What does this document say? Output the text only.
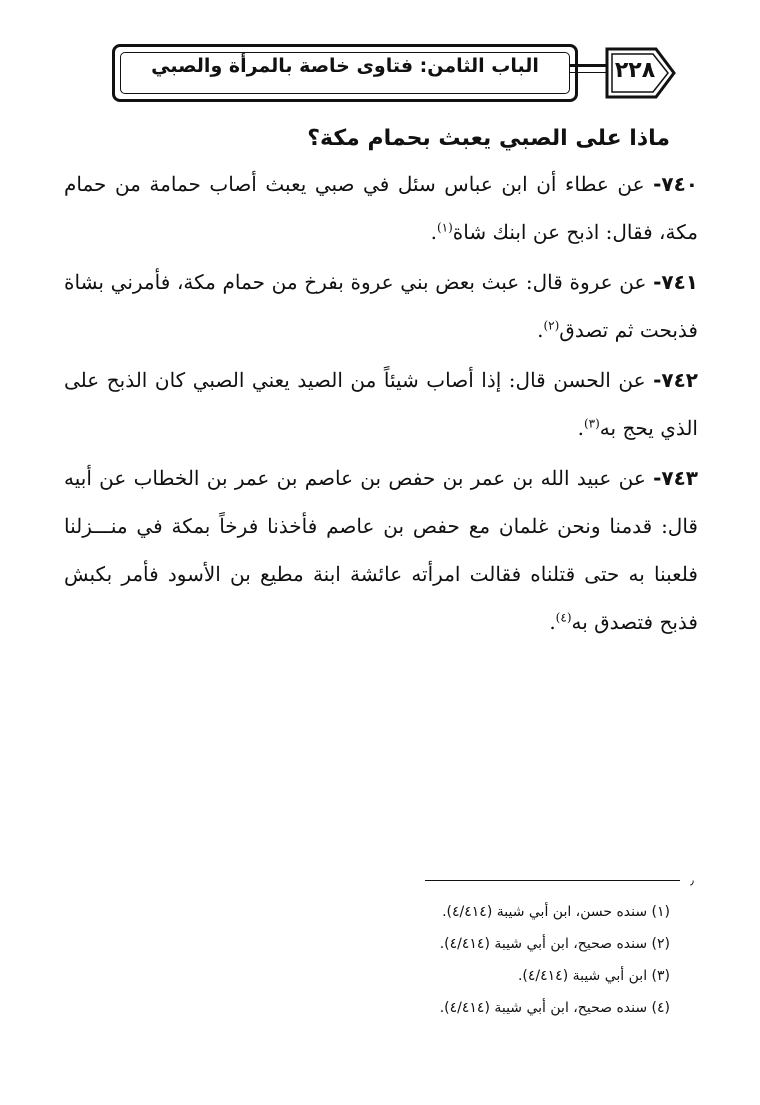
الباب الثامن: فتاوى خاصة بالمرأة والصبي	٢٢٨
ماذا على الصبي يعبث بحمام مكة؟

٧٤٠- عن عطاء أن ابن عباس سئل في صبي يعبث أصاب حمامة من حمام مكة، فقال: اذبح عن ابنك شاة$^{(١)}$.

٧٤١- عن عروة قال: عبث بعض بني عروة بفرخ من حمام مكة، فأمرني بشاة فذبحت ثم تصدق$^{(٢)}$.

٧٤٢- عن الحسن قال: إذا أصاب شيئاً من الصيد يعني الصبي كان الذبح على الذي يحج به$^{(٣)}$.

٧٤٣- عن عبيد الله بن عمر بن حفص بن عاصم بن عمر بن الخطاب عن أبيه قال: قدمنا ونحن غلمان مع حفص بن عاصم فأخذنا فرخاً بمكة في منـــزلنا فلعبنا به حتى قتلناه فقالت امرأته عائشة ابنة مطيع بن الأسود فأمر بكبش فذبح فتصدق به$^{(٤)}$.

٫
(١) سنده حسن، ابن أبي شيبة (٤/٤١٤).
(٢) سنده صحيح، ابن أبي شيبة (٤/٤١٤).
(٣) ابن أبي شيبة (٤/٤١٤).
(٤) سنده صحيح، ابن أبي شيبة (٤/٤١٤).
